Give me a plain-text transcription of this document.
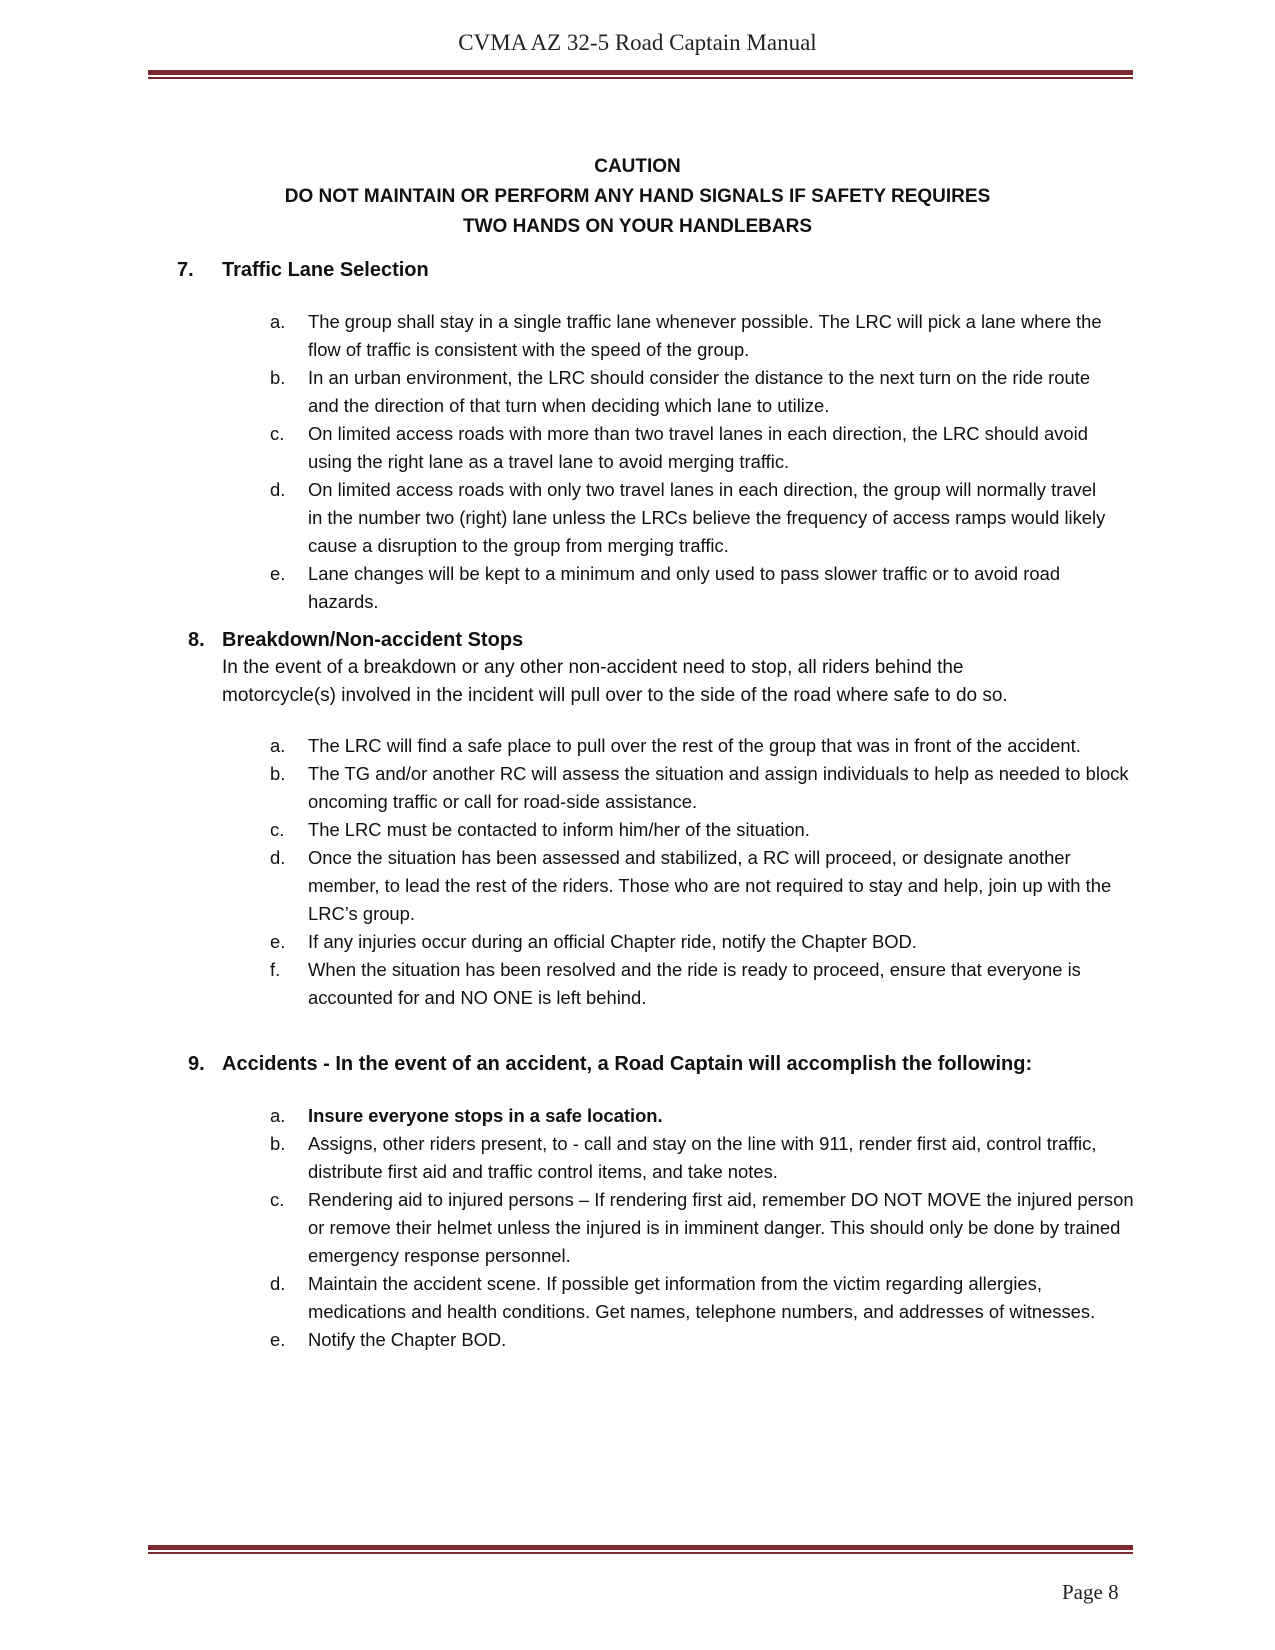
CVMA AZ 32-5 Road Captain Manual
CAUTION
DO NOT MAINTAIN OR PERFORM ANY HAND SIGNALS IF SAFETY REQUIRES
TWO HANDS ON YOUR HANDLEBARS
7. Traffic Lane Selection
a. The group shall stay in a single traffic lane whenever possible. The LRC will pick a lane where the flow of traffic is consistent with the speed of the group.
b. In an urban environment, the LRC should consider the distance to the next turn on the ride route and the direction of that turn when deciding which lane to utilize.
c. On limited access roads with more than two travel lanes in each direction, the LRC should avoid using the right lane as a travel lane to avoid merging traffic.
d. On limited access roads with only two travel lanes in each direction, the group will normally travel in the number two (right) lane unless the LRCs believe the frequency of access ramps would likely cause a disruption to the group from merging traffic.
e. Lane changes will be kept to a minimum and only used to pass slower traffic or to avoid road hazards.
8. Breakdown/Non-accident Stops
In the event of a breakdown or any other non-accident need to stop, all riders behind the
motorcycle(s) involved in the incident will pull over to the side of the road where safe to do so.
a. The LRC will find a safe place to pull over the rest of the group that was in front of the accident.
b. The TG and/or another RC will assess the situation and assign individuals to help as needed to block oncoming traffic or call for road-side assistance.
c. The LRC must be contacted to inform him/her of the situation.
d. Once the situation has been assessed and stabilized, a RC will proceed, or designate another member, to lead the rest of the riders. Those who are not required to stay and help, join up with the LRC’s group.
e. If any injuries occur during an official Chapter ride, notify the Chapter BOD.
f. When the situation has been resolved and the ride is ready to proceed, ensure that everyone is accounted for and NO ONE is left behind.
9. Accidents - In the event of an accident, a Road Captain will accomplish the following:
a. Insure everyone stops in a safe location.
b. Assigns, other riders present, to - call and stay on the line with 911, render first aid, control traffic, distribute first aid and traffic control items, and take notes.
c. Rendering aid to injured persons – If rendering first aid, remember DO NOT MOVE the injured person or remove their helmet unless the injured is in imminent danger. This should only be done by trained emergency response personnel.
d. Maintain the accident scene. If possible get information from the victim regarding allergies, medications and health conditions. Get names, telephone numbers, and addresses of witnesses.
e. Notify the Chapter BOD.
Page 8
